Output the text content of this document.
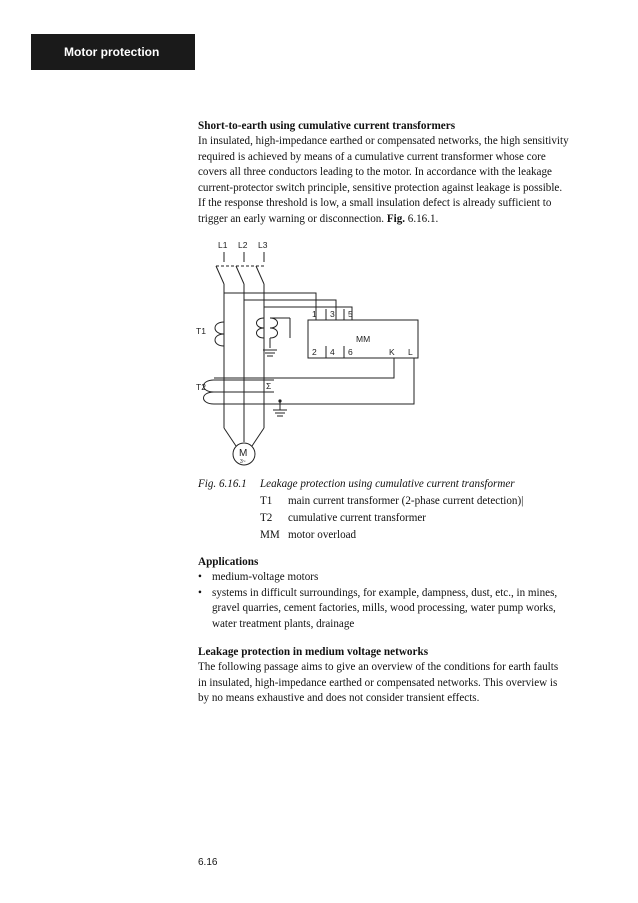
Motor protection

Short-to-earth using cumulative current transformers

In insulated, high-impedance earthed or compensated networks, the high sensitivity

required is achieved by means of a cumulative current transformer whose core

covers all three conductors leading to the motor. In accordance with the leakage

current-protector switch principle, sensitive protection against leakage is possible.

If the response threshold is low, a small insulation defect is already sufficient to

trigger an early warning or disconnection. Fig. 6.16.1.

L1 L2 L3
T1
T2
MM
1 3 5
2 4 6	K L
Σ
M
3~
Fig. 6.16.1	Leakage protection using cumulative current transformer
T1	main current transformer (2-phase current detection)|
T2	cumulative current transformer
MM motor overload

Applications

• medium-voltage motors
• systems in difficult surroundings, for example, dampness, dust, etc., in mines,
gravel quarries, cement factories, mills, wood processing, water pump works,
water treatment plants, drainage

Leakage protection in medium voltage networks

The following passage aims to give an overview of the conditions for earth faults

in insulated, high-impedance earthed or compensated networks. This overview is

by no means exhaustive and does not consider transient effects.

6.16
